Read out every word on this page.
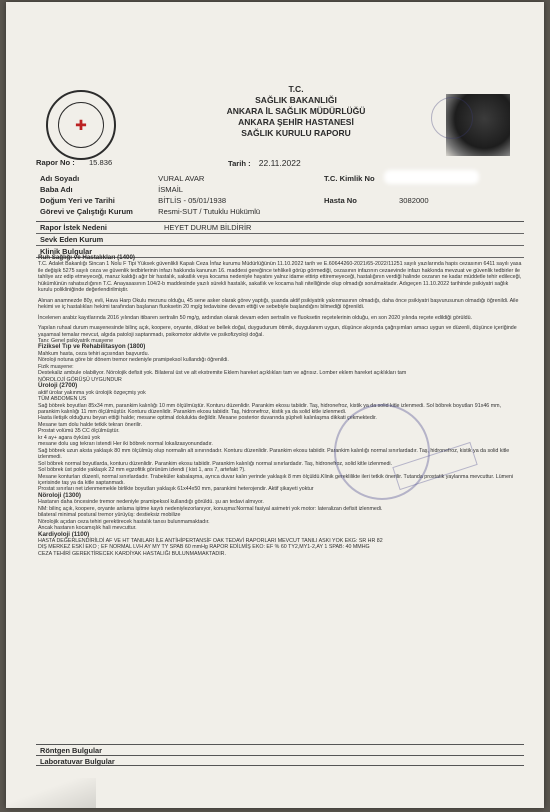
✚
T.C.
SAĞLIK BAKANLIĞI
ANKARA İL SAĞLIK MÜDÜRLÜĞÜ
ANKARA ŞEHİR HASTANESİ
SAĞLIK KURULU RAPORU
Rapor No : 15.836	Tarih : 22.11.2022
Adı Soyadı	VURAL AVAR	T.C. Kimlik No
Baba Adı	İSMAİL
Doğum Yeri ve Tarihi	BİTLİS - 05/01/1938	Hasta No	3082000
Görevi ve Çalıştığı Kurum	Resmi-SUT / Tutuklu Hükümlü
Rapor İstek Nedeni	HEYET DURUM BİLDİRİR
Sevk Eden Kurum
Klinik Bulgular

Ruh Sağlığı ve Hastalıkları (1400)

T.C. Adalet Bakanlığı Sincan 1 Nolu F Tipi Yüksek güvenlikli Kapalı Ceza İnfaz kurumu Müdürlüğünün 11.10.2022 tarih ve E.60644260-2021/65-2022/11251 sayılı yazılarında hapis cezasının 6411 sayılı yasa ile değişik 5275 sayılı ceza ve güvenlik tedbirlerinin infazı hakkında kanunun 16. maddesi gereğince tehlikeli görüp görmediği, cezasının infazının cezaevinde infazı hakkında mevzuat ve güvenlik tedbirler ile tahliye arz edip etmeyeceği, maruz kaldığı ağır bir hastalık, sakatlık veya kocama nedeniyle hayatını yalnız idame ettirip ettiremeyeceği, hastalığının verdiği halinde cezanın ne kadar müddetle tehir edileceği, hükümlünün rahatsızlığının T.C. Anayasasının 104/2-b maddesinde yazılı sürekli hastalık, sakatlık ve kocama hali nitelliğinde olup olmadığı sorulmaktadır. Adıgeçen 11.10.2022 tarihinde psikiyatri sağlık kurulu polikliniğinde değerlendirilmiştir.

Alınan anamnezde 80y, evli, Hava Harp Okulu mezunu olduğu, 45 sene asker olarak görev yaptığı, şuanda aktif psikiyatrik yakınmasının olmadığı, daha önce psikiyatri başvurusunun olmadığı öğrenildi. Aile hekimi ve iç hastalıkları hekimi tarafından başlanan fluoksetin 20 mg/g tedavisine devam ettiği ve sebebiyle başlandığını bilmediği öğrenildi.

İncelenen arabiz kayıtlarında 2016 yılından itibaren sertralin 50 mg/g, ardından olarak devam eden sertralin ve fluoksetin reçetelerinin olduğu, en son 2020 yılında reçete edildiği görüldü.

Yapılan ruhsal durum muayenesinde bilinç açık, koopere, oryante, dikkat ve bellek doğal, duygudurum ötimik, duygulanım uygun, düşünce akışında çağrışımları amacı uygun ve düzenli, düşünce içeriğinde yaşamsal temalar mevcut, algıda patoloji saptanmadı, psikomotor aktivite ve psikofizyoloji doğal.

Tanı: Genel psikiyatrik muayene

Fiziksel Tıp ve Rehabilitasyon (1800)

Mahkum hasta, ceza tehiri açısından başvurdu.

Nöroloji notuna göre bir dönem tremor nedeniyle pramipeksol kullandığı öğrenildi.

Fizik muayene:

Destekaliz ambule olabiliyor. Nörolojik defisit yok. Bilateral üst ve alt ekstremite Eklem hareket açıklıkları tam ve ağrısız. Lomber eklem hareket açıklıkları tam

NÖROLOJİ GÖRÜŞÜ UYGUNDUR

Üroloji (2700)

aktif ürolar yakınma yok ürolojik özgeçmiş yok

TÜM ABDOMEN US

Sağ böbrek boyutları 85x34 mm, parankim kalınlığı 10 mm ölçülmüştür. Konturu düzenlidir. Parankim ekosu tabiidir. Taş, hidronefroz, kistik ya da solid kitle izlenmedi. Sol böbrek boyutları 91x46 mm, parankim kalınlığı 11 mm ölçülmüştür. Konturu düzenlidir. Parankim ekosu tabiidir. Taş, hidronefroz, kistik ya da solid kitle izlenmedi.

Hasta iletişik olduğunu beyan ettiği halde; mesane optimal dolulukta değildir. Mesane posterior duvarında şüpheli kalınlaşma dikkati çekmektedir.

Mesane tam dolu halde tetkik tekrarı önerilir.

Prostat volümü 35 CC ölçülmüştür.

kr 4 ay+ agara öyküsü yok

mesane dolu usg tekrarı istendi Her iki böbrek normal lokalizasyonundadır.

Sağ böbrek uzun aksta yaklaşık 80 mm ölçülmüş olup normalin alt sınırındadır. Konturu düzenlidir. Parankim ekosu tabiidir. Parankim kalınlığı normal sınırlardadır. Taş, hidronefroz, kistik ya da solid kitle izlenmedi.

Sol böbrek normal boyutlarda, konturu düzenlidir. Parankim ekosu tabiidir. Parankim kalınlığı normal sınırlardadır. Taş, hidronefroz, solid kitle izlenmedi.

Sol böbrek üst polde yaklaşık 22 mm egzofitik görünüm izlendi ( kist 1, ans 7, artefakt ?).

Mesane konturları düzenli, normal sınırlardadır. Trabeküler kabalaşma, ayrıca duvar kalın yerinde yaklaşık 8 mm ölçüldü.Klinik gereklilikte ileri tetkik önerilir. Tutanda prostatik yaylanma mevcuttur. Lümeni içerisinde taş ya da kitle saptanmadı.

Prostat sınırları net izlenmemekle birlikte boyutları yaklaşık 61x44x50 mm, parankimi heterojendir. Aktif şikayeti yoktur

Nöroloji (1300)

Hastanın daha öncesinde tremor nedeniyle pramipeksol kullandığı görüldü. şu an tedavi almıyor.

NM: bilinç açık, koopere, oryante anlama işitme kayıtı nedeniylezorlanıyor, konuşma:Normal fasiyal asimetri yok motor: lateralizan defisit izlenmedi.

bilateral minimal postural tremor yürüyüş: destieksiz mobilize

Nörolojik açıdan ceza tehiri gerektirecek hastalık tanısı bulunmamaktadır.

Ancak hastanın kocamışlık hali mevcuttur.

Kardiyoloji (1100)

HASTA DEĞERLENDİRİLDİ AF VE HT TANILARI İLE ANTİHİPERTANSİF OAK TEDAVİ RAPORLARI MEVCUT TANILI ASKI YOK EKG: SR HR 82

DIŞ MERKEZ ESKİ EKO ; EF NORMAL LVH AY MY TY SPAB 60 mmHg RAPOR EDİLMİŞ EKO: EF % 60 TY2,MY1-2,AY 1 SPAB: 40 MMHG

CEZA TEHİRİ GEREKTİRECEK KARDİYAK HASTALIĞI BULUNMAMAKTADIR.

Röntgen Bulgular
Laboratuvar Bulgular
